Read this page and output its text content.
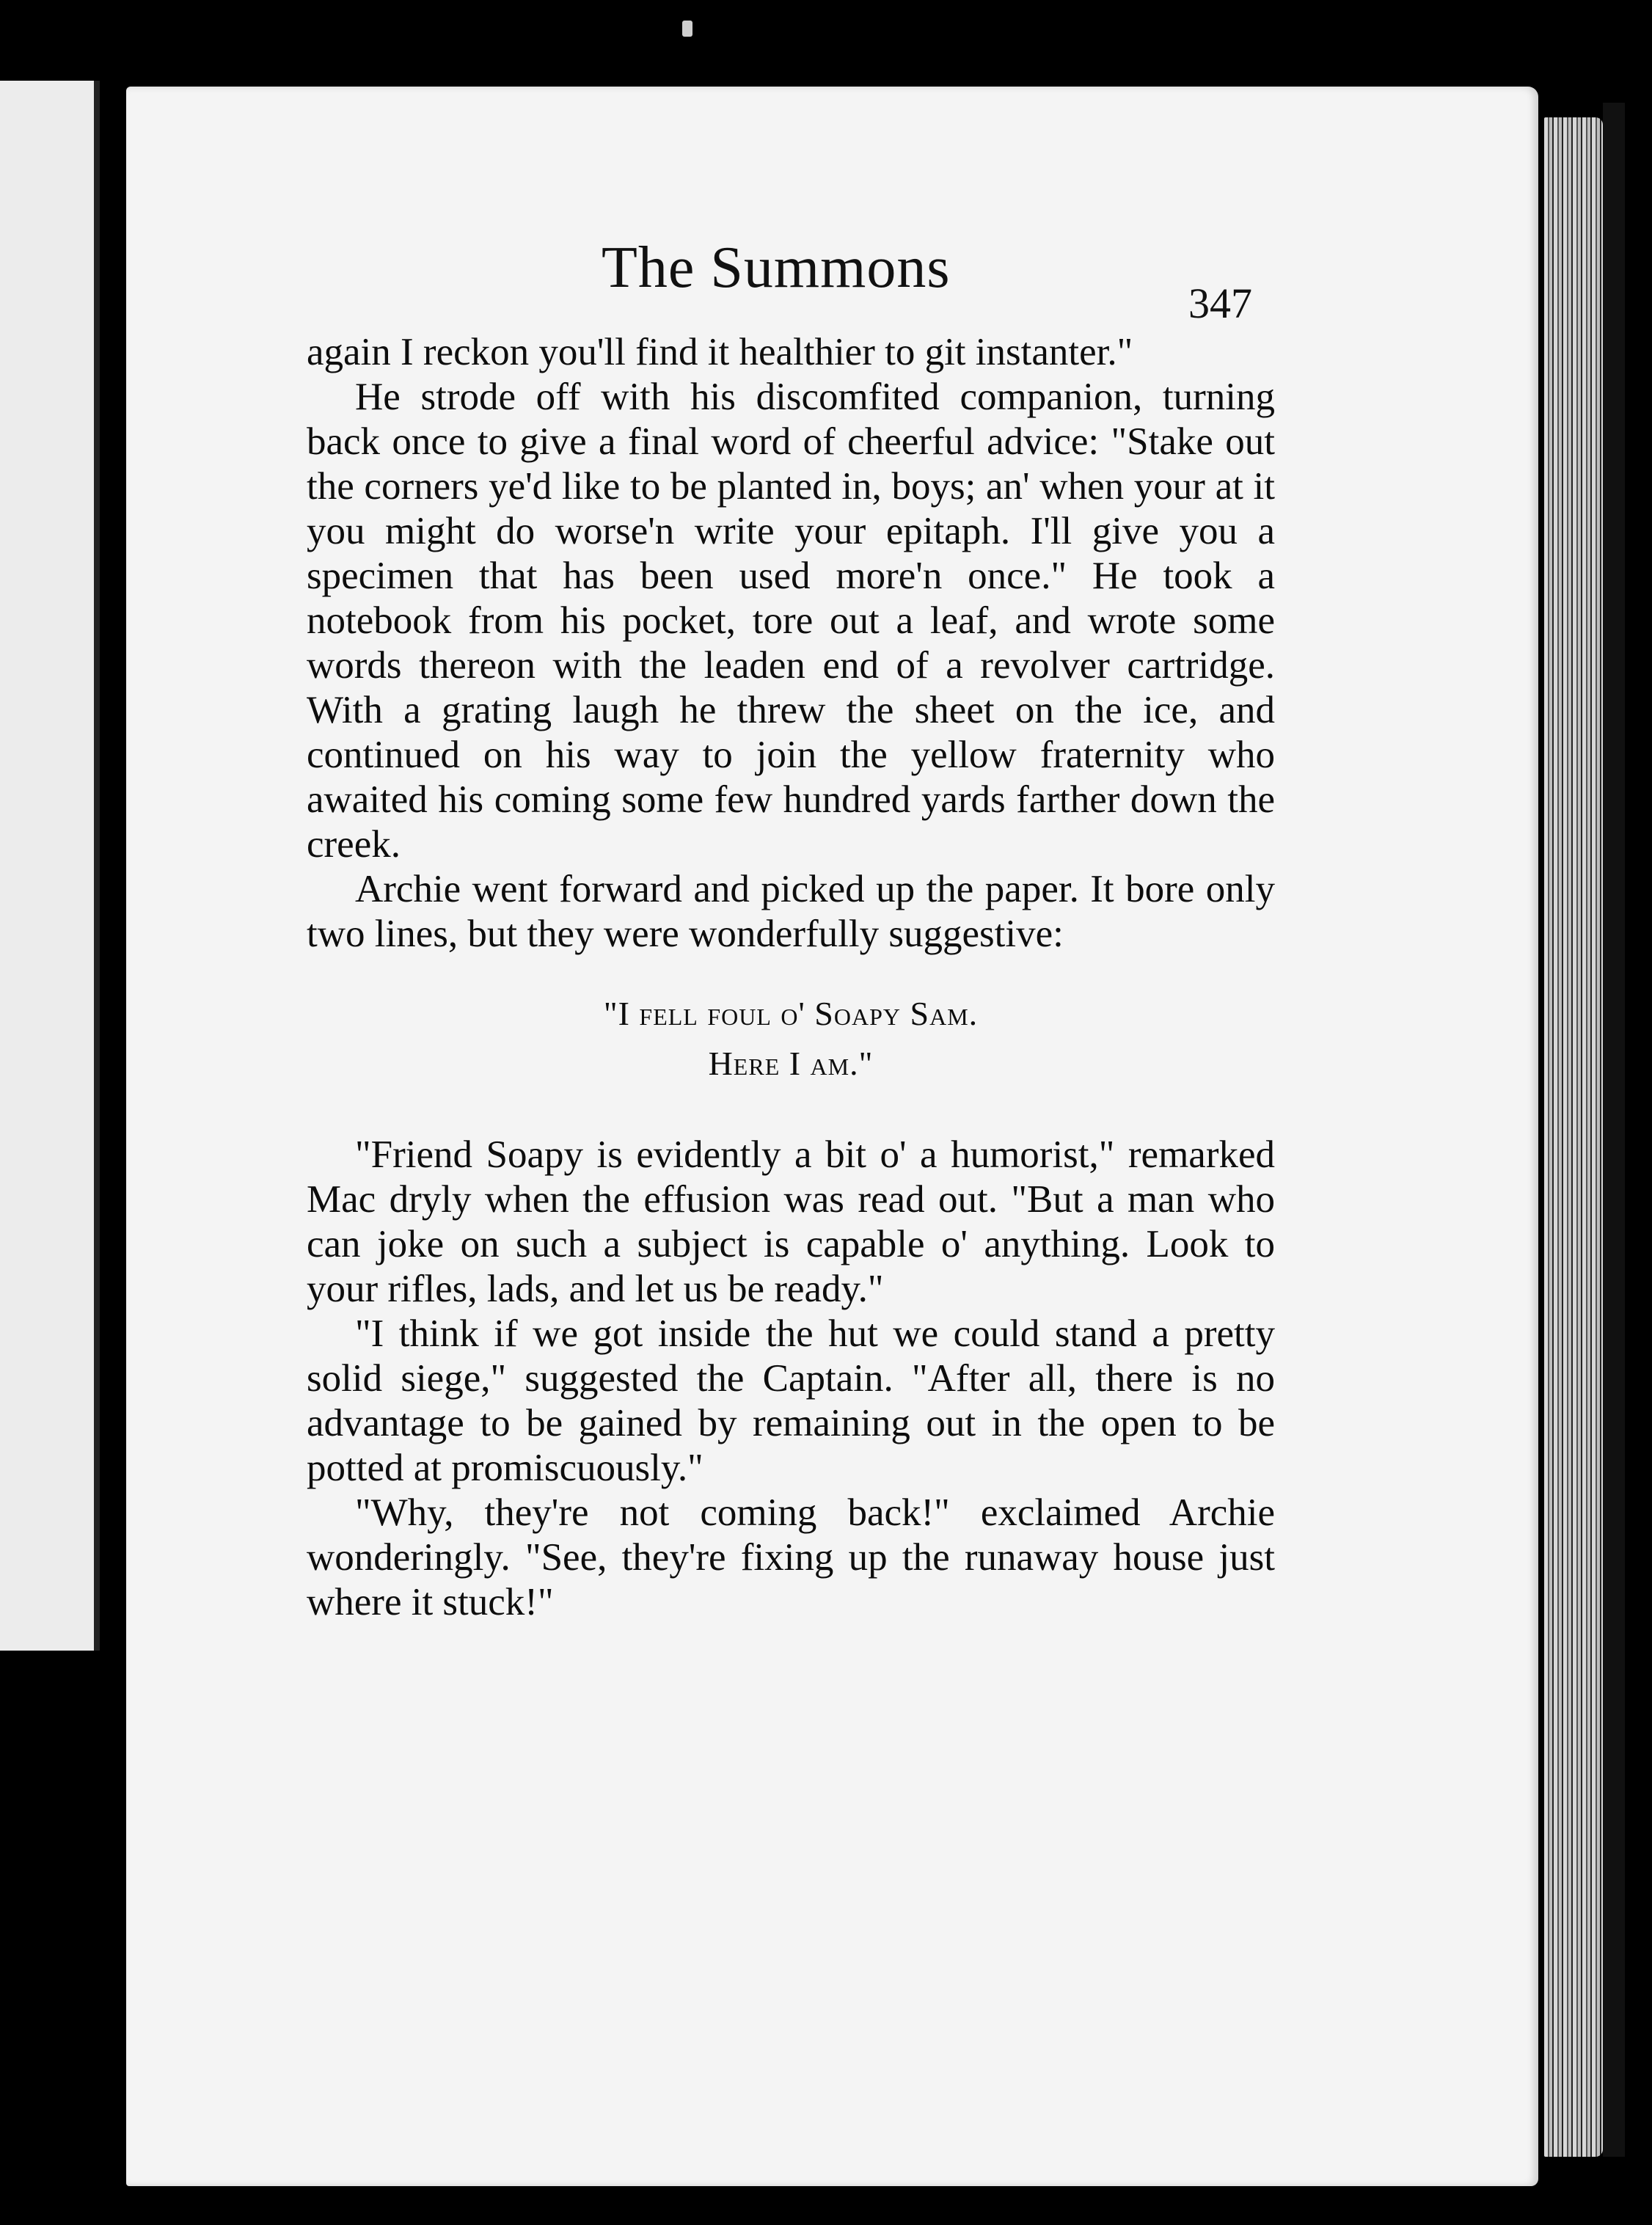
The Summons
347

again I reckon you'll find it healthier to git instanter."

He strode off with his discomfited companion, turning back once to give a final word of cheerful advice: "Stake out the corners ye'd like to be planted in, boys; an' when your at it you might do worse'n write your epitaph. I'll give you a specimen that has been used more'n once." He took a notebook from his pocket, tore out a leaf, and wrote some words thereon with the leaden end of a revolver cartridge. With a grating laugh he threw the sheet on the ice, and continued on his way to join the yellow fraternity who awaited his coming some few hundred yards farther down the creek.

Archie went forward and picked up the paper. It bore only two lines, but they were wonderfully suggestive:

"I fell foul o' Soapy Sam.
Here I am."

"Friend Soapy is evidently a bit o' a humorist," remarked Mac dryly when the effusion was read out. "But a man who can joke on such a subject is capable o' anything. Look to your rifles, lads, and let us be ready."

"I think if we got inside the hut we could stand a pretty solid siege," suggested the Captain. "After all, there is no advantage to be gained by remaining out in the open to be potted at promiscuously."

"Why, they're not coming back!" exclaimed Archie wonderingly. "See, they're fixing up the runaway house just where it stuck!"
